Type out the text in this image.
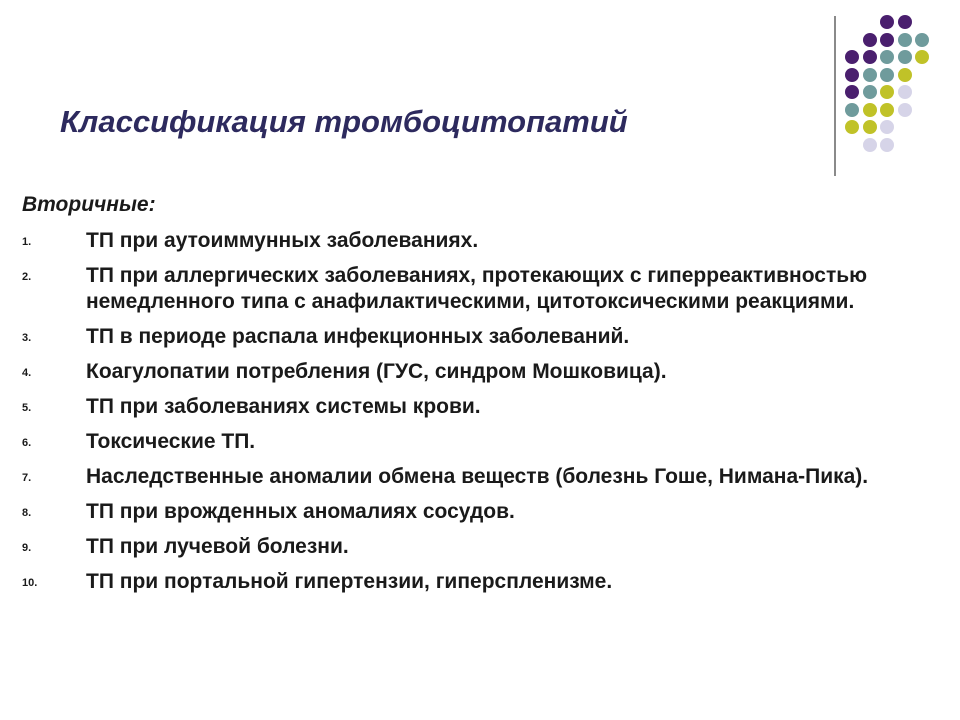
Классификация тромбоцитопатий
Вторичные:
1.	ТП при аутоиммунных заболеваниях.
2.	ТП при аллергических заболеваниях, протекающих с гиперреактивностью немедленного типа с анафилактическими, цитотоксическими реакциями.
3.	ТП в периоде распала инфекционных заболеваний.
4.	Коагулопатии потребления (ГУС, синдром Мошковица).
5.	ТП при заболеваниях системы крови.
6.	Токсические ТП.
7.	Наследственные аномалии обмена веществ (болезнь Гоше, Нимана-Пика).
8.	ТП при врожденных аномалиях сосудов.
9.	ТП при лучевой болезни.
10. ТП при портальной гипертензии, гиперспленизме.
